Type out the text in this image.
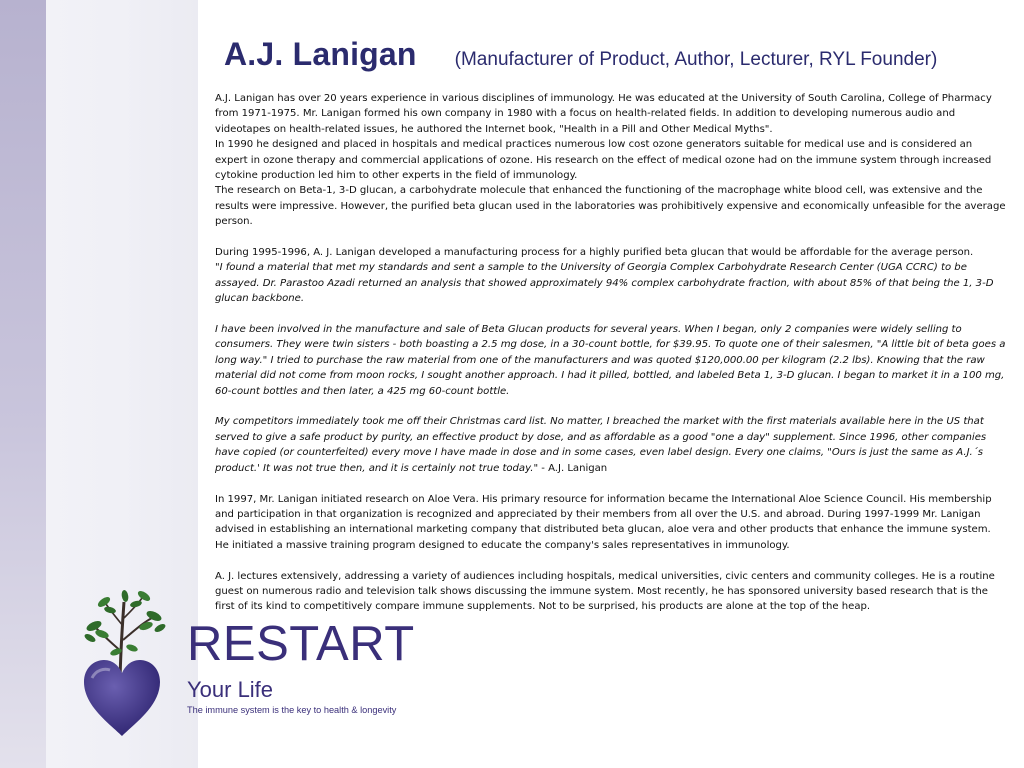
A.J. Lanigan (Manufacturer of Product, Author, Lecturer, RYL Founder)

A.J. Lanigan has over 20 years experience in various disciplines of immunology. He was educated at the University of South Carolina, College of Pharmacy from 1971-1975. Mr. Lanigan formed his own company in 1980 with a focus on health-related fields. In addition to developing numerous audio and videotapes on health-related issues, he authored the Internet book, "Health in a Pill and Other Medical Myths".

In 1990 he designed and placed in hospitals and medical practices numerous low cost ozone generators suitable for medical use and is considered an expert in ozone therapy and commercial applications of ozone. His research on the effect of medical ozone had on the immune system through increased cytokine production led him to other experts in the field of immunology.

The research on Beta-1, 3-D glucan, a carbohydrate molecule that enhanced the functioning of the macrophage white blood cell, was extensive and the results were impressive. However, the purified beta glucan used in the laboratories was prohibitively expensive and economically unfeasible for the average person.

During 1995-1996, A. J. Lanigan developed a manufacturing process for a highly purified beta glucan that would be affordable for the average person.

"I found a material that met my standards and sent a sample to the University of Georgia Complex Carbohydrate Research Center (UGA CCRC) to be assayed. Dr. Parastoo Azadi returned an analysis that showed approximately 94% complex carbohydrate fraction, with about 85% of that being the 1, 3-D glucan backbone.

I have been involved in the manufacture and sale of Beta Glucan products for several years. When I began, only 2 companies were widely selling to consumers. They were twin sisters - both boasting a 2.5 mg dose, in a 30-count bottle, for $39.95. To quote one of their salesmen, "A little bit of beta goes a long way." I tried to purchase the raw material from one of the manufacturers and was quoted $120,000.00 per kilogram (2.2 lbs). Knowing that the raw material did not come from moon rocks, I sought another approach. I had it pilled, bottled, and labeled Beta 1, 3-D glucan. I began to market it in a 100 mg, 60-count bottles and then later, a 425 mg 60-count bottle.

My competitors immediately took me off their Christmas card list. No matter, I breached the market with the first materials available here in the US that served to give a safe product by purity, an effective product by dose, and as affordable as a good "one a day" supplement. Since 1996, other companies have copied (or counterfeited) every move I have made in dose and in some cases, even label design. Every one claims, "Ours is just the same as A.J.´s product.' It was not true then, and it is certainly not true today." - A.J. Lanigan

In 1997, Mr. Lanigan initiated research on Aloe Vera. His primary resource for information became the International Aloe Science Council. His membership and participation in that organization is recognized and appreciated by their members from all over the U.S. and abroad. During 1997-1999 Mr. Lanigan advised in establishing an international marketing company that distributed beta glucan, aloe vera and other products that enhance the immune system. He initiated a massive training program designed to educate the company's sales representatives in immunology.

A. J. lectures extensively, addressing a variety of audiences including hospitals, medical universities, civic centers and community colleges. He is a routine guest on numerous radio and television talk shows discussing the immune system. Most recently, he has sponsored university based research that is the first of its kind to competitively compare immune supplements. Not to be surprised, his products are alone at the top of the heap.

RESTART
Your Life
The immune system is the key to health & longevity
